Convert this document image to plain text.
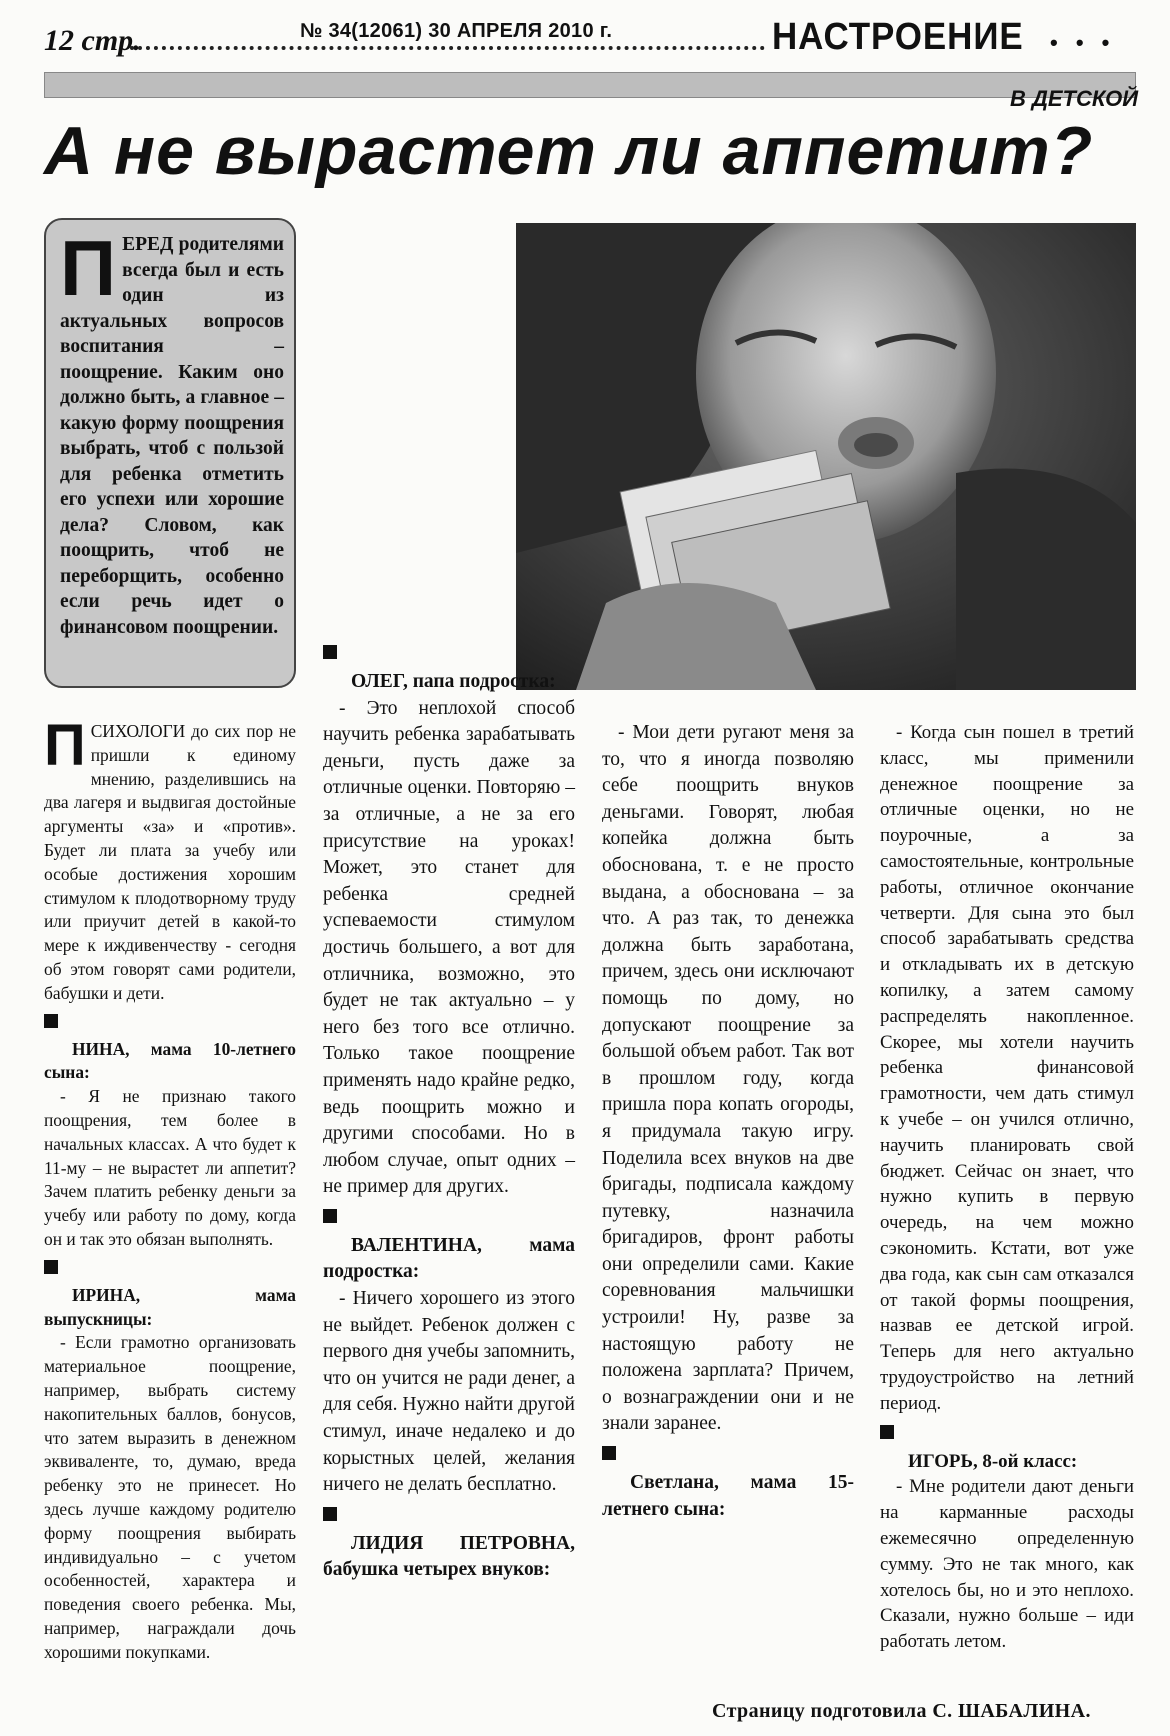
12 стр.	№ 34(12061) 30 АПРЕЛЯ 2010 г.	НАСТРОЕНИЕ • • •
В ДЕТСКОЙ
А не вырастет ли аппетит?
П ЕРЕД родителями всегда был и есть один из актуальных вопросов воспитания – поощрение. Каким оно должно быть, а главное – какую форму поощрения выбрать, чтоб с пользой для ребенка отметить его успехи или хорошие дела? Словом, как поощрить, чтоб не переборщить, особенно если речь идет о финансовом поощрении.

П СИХОЛОГИ до сих пор не пришли к единому мнению, разделившись на два лагеря и выдвигая достойные аргументы «за» и «против». Будет ли плата за учебу или особые достижения хорошим стимулом к плодотворному труду или приучит детей в какой-то мере к иждивенчеству - сегодня об этом говорят сами родители, бабушки и дети.

НИНА, мама 10-летнего сына:

- Я не признаю такого поощрения, тем более в начальных классах. А что будет к 11-му – не вырастет ли аппетит? Зачем платить ребенку деньги за учебу или работу по дому, когда он и так это обязан выполнять.

ИРИНА, мама выпускницы:

- Если грамотно организовать материальное поощрение, например, выбрать систему накопительных баллов, бонусов, что затем выразить в денежном эквиваленте, то, думаю, вреда ребенку это не принесет. Но здесь лучше каждому родителю форму поощрения выбирать индивидуально – с учетом особенностей, характера и поведения своего ребенка. Мы, например, награждали дочь хорошими покупками.

ОЛЕГ, папа подростка:

- Это неплохой способ научить ребенка зарабатывать деньги, пусть даже за отличные оценки. Повторяю – за отличные, а не за его присутствие на уроках! Может, это станет для ребенка средней успеваемости стимулом достичь большего, а вот для отличника, возможно, это будет не так актуально – у него без того все отлично. Только такое поощрение применять надо крайне редко, ведь поощрить можно и другими способами. Но в любом случае, опыт одних – не пример для других.

ВАЛЕНТИНА, мама подростка:

- Ничего хорошего из этого не выйдет. Ребенок должен с первого дня учебы запомнить, что он учится не ради денег, а для себя. Нужно найти другой стимул, иначе недалеко и до корыстных целей, желания ничего не делать бесплатно.

ЛИДИЯ ПЕТРОВНА, бабушка четырех внуков:

- Мои дети ругают меня за то, что я иногда позволяю себе поощрить внуков деньгами. Говорят, любая копейка должна быть обоснована, т. е не просто выдана, а обоснована – за что. А раз так, то денежка должна быть заработана, причем, здесь они исключают помощь по дому, но допускают поощрение за большой объем работ. Так вот в прошлом году, когда пришла пора копать огороды, я придумала такую игру. Поделила всех внуков на две бригады, подписала каждому путевку, назначила бригадиров, фронт работы они определили сами. Какие соревнования мальчишки устроили! Ну, разве за настоящую работу не положена зарплата? Причем, о вознаграждении они и не знали заранее.

Светлана, мама 15-летнего сына:

- Когда сын пошел в третий класс, мы применили денежное поощрение за отличные оценки, но не поурочные, а за самостоятельные, контрольные работы, отличное окончание четверти. Для сына это был способ зарабатывать средства и откладывать их в детскую копилку, а затем самому распределять накопленное. Скорее, мы хотели научить ребенка финансовой грамотности, чем дать стимул к учебе – он учился отлично, научить планировать свой бюджет. Сейчас он знает, что нужно купить в первую очередь, на чем можно сэкономить. Кстати, вот уже два года, как сын сам отказался от такой формы поощрения, назвав ее детской игрой. Теперь для него актуально трудоустройство на летний период.

ИГОРЬ, 8-ой класс:

- Мне родители дают деньги на карманные расходы ежемесячно определенную сумму. Это не так много, как хотелось бы, но и это неплохо. Сказали, нужно больше – иди работать летом.

Страницу подготовила С. ШАБАЛИНА.
